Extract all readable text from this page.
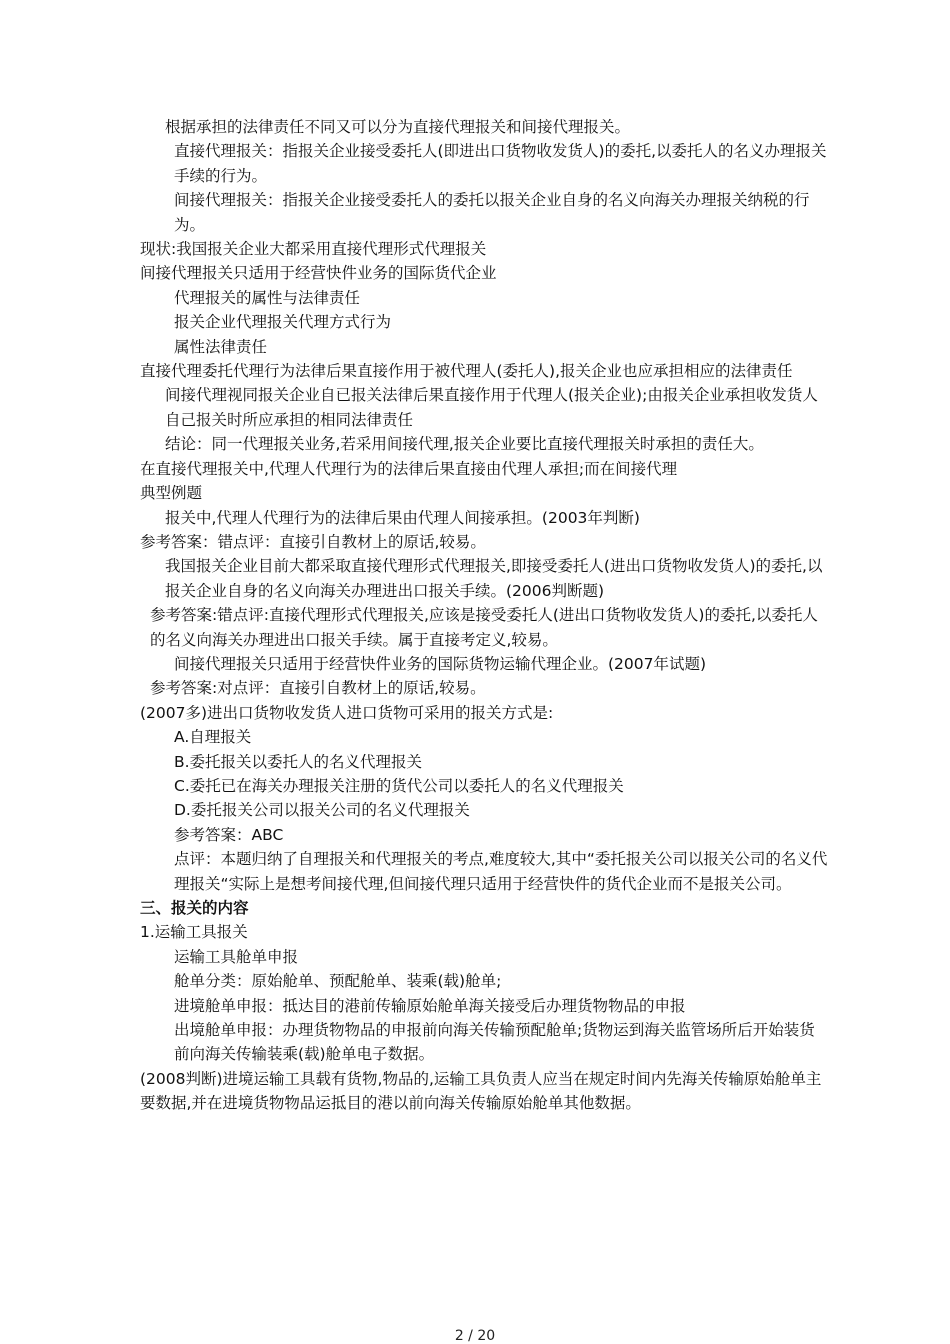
根据承担的法律责任不同又可以分为直接代理报关和间接代理报关。

直接代理报关：指报关企业接受委托人(即进出口货物收发货人)的委托,以委托人的名义办理报关手续的行为。

间接代理报关：指报关企业接受委托人的委托以报关企业自身的名义向海关办理报关纳税的行为。

现状:我国报关企业大都采用直接代理形式代理报关

间接代理报关只适用于经营快件业务的国际货代企业

代理报关的属性与法律责任

报关企业代理报关代理方式行为

属性法律责任

直接代理委托代理行为法律后果直接作用于被代理人(委托人),报关企业也应承担相应的法律责任

间接代理视同报关企业自已报关法律后果直接作用于代理人(报关企业);由报关企业承担收发货人自己报关时所应承担的相同法律责任

结论：同一代理报关业务,若采用间接代理,报关企业要比直接代理报关时承担的责任大。

在直接代理报关中,代理人代理行为的法律后果直接由代理人承担;而在间接代理

典型例题

报关中,代理人代理行为的法律后果由代理人间接承担。(2003年判断)

参考答案：错点评：直接引自教材上的原话,较易。

我国报关企业目前大都采取直接代理形式代理报关,即接受委托人(进出口货物收发货人)的委托,以报关企业自身的名义向海关办理进出口报关手续。(2006判断题)

参考答案:错点评:直接代理形式代理报关,应该是接受委托人(进出口货物收发货人)的委托,以委托人的名义向海关办理进出口报关手续。属于直接考定义,较易。

间接代理报关只适用于经营快件业务的国际货物运输代理企业。(2007年试题)

参考答案:对点评：直接引自教材上的原话,较易。

(2007多)进出口货物收发货人进口货物可采用的报关方式是:

A.自理报关

B.委托报关以委托人的名义代理报关

C.委托已在海关办理报关注册的货代公司以委托人的名义代理报关

D.委托报关公司以报关公司的名义代理报关

参考答案：ABC

点评：本题归纳了自理报关和代理报关的考点,难度较大,其中“委托报关公司以报关公司的名义代理报关“实际上是想考间接代理,但间接代理只适用于经营快件的货代企业而不是报关公司。

三、报关的内容

1.运输工具报关

运输工具舱单申报

舱单分类：原始舱单、预配舱单、装乘(载)舱单;

进境舱单申报：抵达目的港前传输原始舱单海关接受后办理货物物品的申报

出境舱单申报：办理货物物品的申报前向海关传输预配舱单;货物运到海关监管场所后开始装货前向海关传输装乘(载)舱单电子数据。

(2008判断)进境运输工具载有货物,物品的,运输工具负责人应当在规定时间内先海关传输原始舱单主要数据,并在进境货物物品运抵目的港以前向海关传输原始舱单其他数据。

2 / 20
